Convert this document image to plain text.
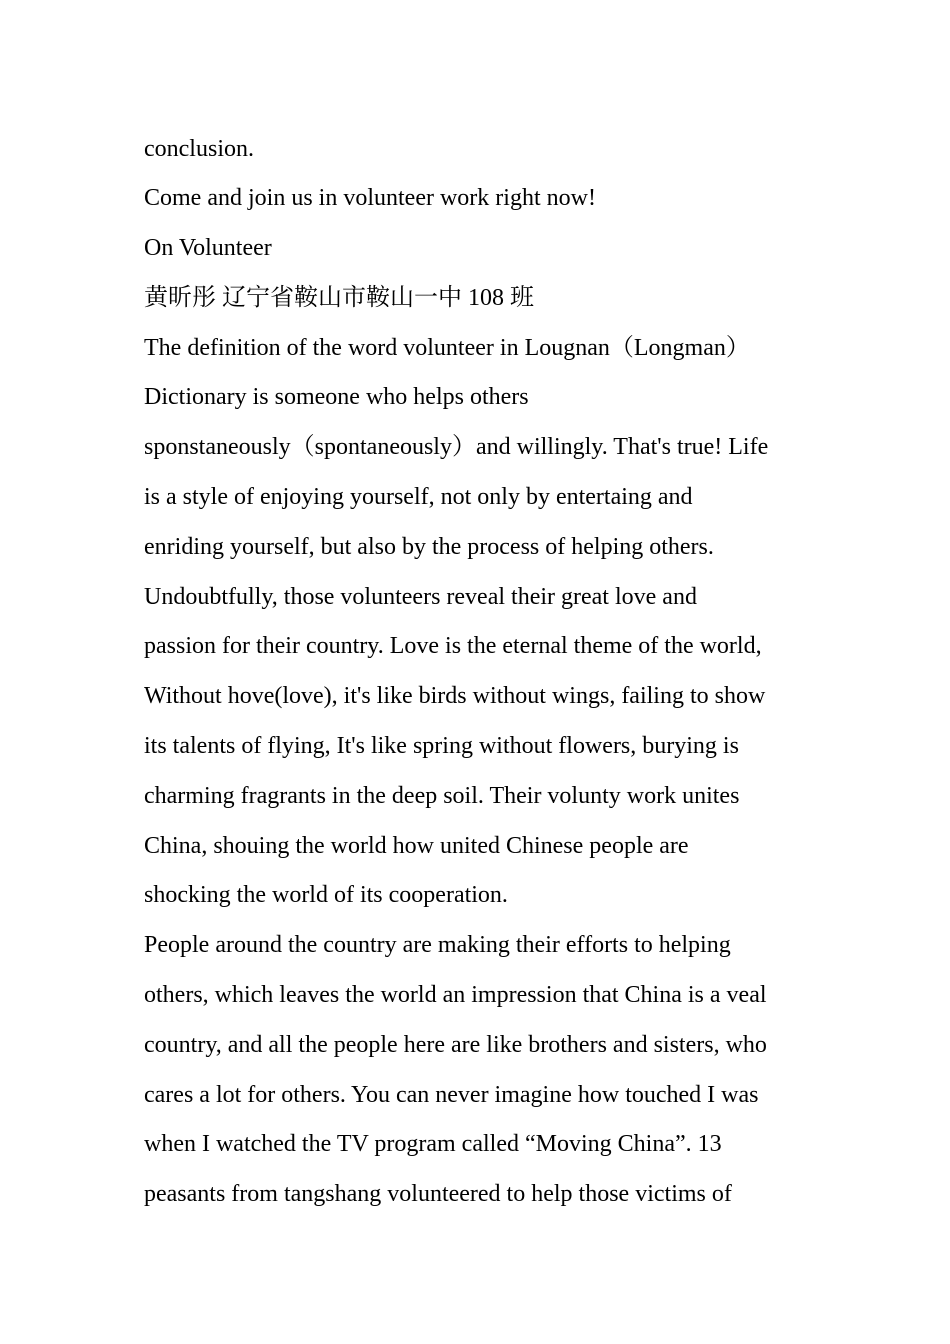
conclusion.
Come and join us in volunteer work right now!
On Volunteer
黄昕彤 辽宁省鞍山市鞍山一中 108 班
The definition of the word volunteer in Lougnan（Longman）
Dictionary is someone who helps others
sponstaneously（spontaneously）and willingly. That's true! Life
is a style of enjoying yourself, not only by entertaing and
enriding yourself, but also by the process of helping others.
Undoubtfully, those volunteers reveal their great love and
passion for their country. Love is the eternal theme of the world,
Without hove(love), it's like birds without wings, failing to show
its talents of flying, It's like spring without flowers, burying is
charming fragrants in the deep soil. Their volunty work unites
China, shouing the world how united Chinese people are
shocking the world of its cooperation.
People around the country are making their efforts to helping
others, which leaves the world an impression that China is a veal
country, and all the people here are like brothers and sisters, who
cares a lot for others. You can never imagine how touched I was
when I watched the TV program called “Moving China”. 13
peasants from tangshang volunteered to help those victims of
